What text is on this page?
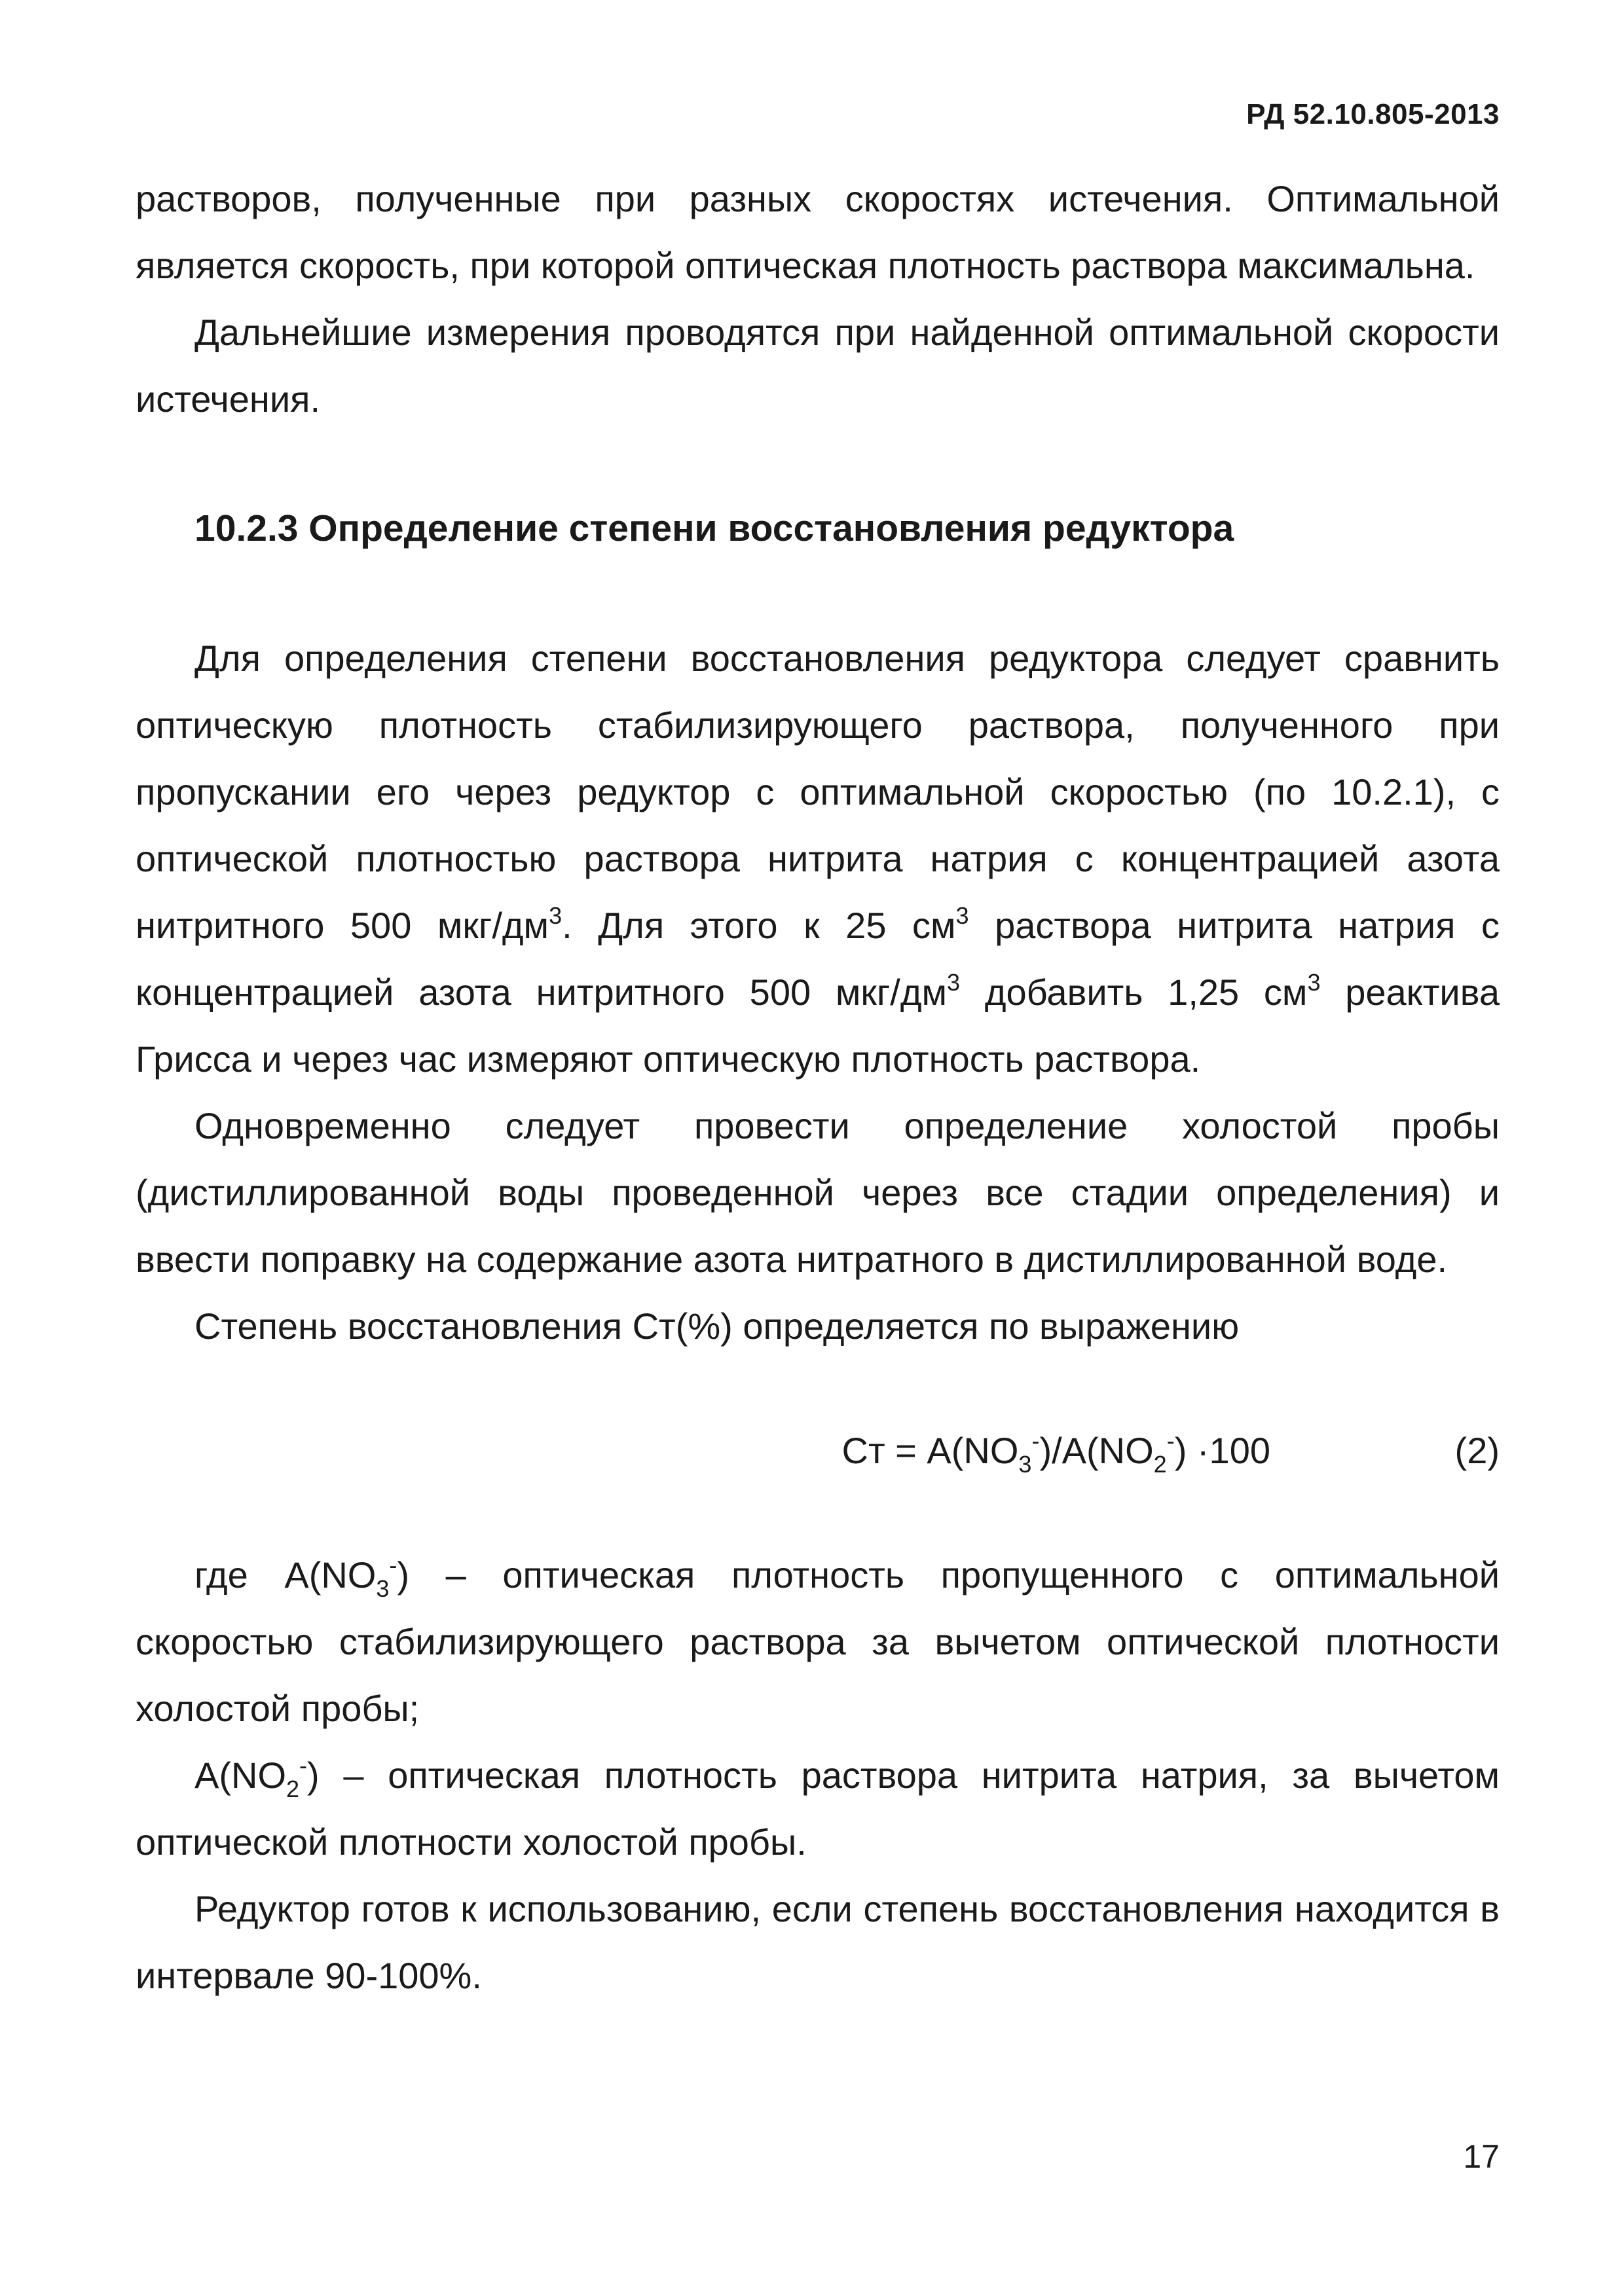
РД 52.10.805-2013

растворов, полученные при разных скоростях истечения. Оптимальной является скорость, при которой оптическая плотность раствора максимальна.

Дальнейшие измерения проводятся при найденной оптимальной скорости истечения.

10.2.3 Определение степени восстановления редуктора

Для определения степени восстановления редуктора следует сравнить оптическую плотность стабилизирующего раствора, полученного при пропускании его через редуктор с оптимальной скоростью (по 10.2.1), с оптической плотностью раствора нитрита натрия с концентрацией азота нитритного 500 мкг/$дм^3$. Для этого к 25 $см^3$ раствора нитрита натрия с концентрацией азота нитритного 500 мкг/$дм^3$ добавить 1,25 $см^3$ реактива Грисса и через час измеряют оптическую плотность раствора.

Одновременно следует провести определение холостой пробы (дистиллированной воды проведенной через все стадии определения) и ввести поправку на содержание азота нитратного в дистиллированной воде.

Степень восстановления Ст(%) определяется по выражению

Ст = $А(NO_3^-)/А(NO_2^-) \cdot 100$	(2)

где $А(NO_3^-)$ – оптическая плотность пропущенного с оптимальной скоростью стабилизирующего раствора за вычетом оптической плотности холостой пробы;

$А(NO_2^-)$ – оптическая плотность раствора нитрита натрия, за вычетом оптической плотности холостой пробы.

Редуктор готов к использованию, если степень восстановления находится в интервале 90-100%.

17
